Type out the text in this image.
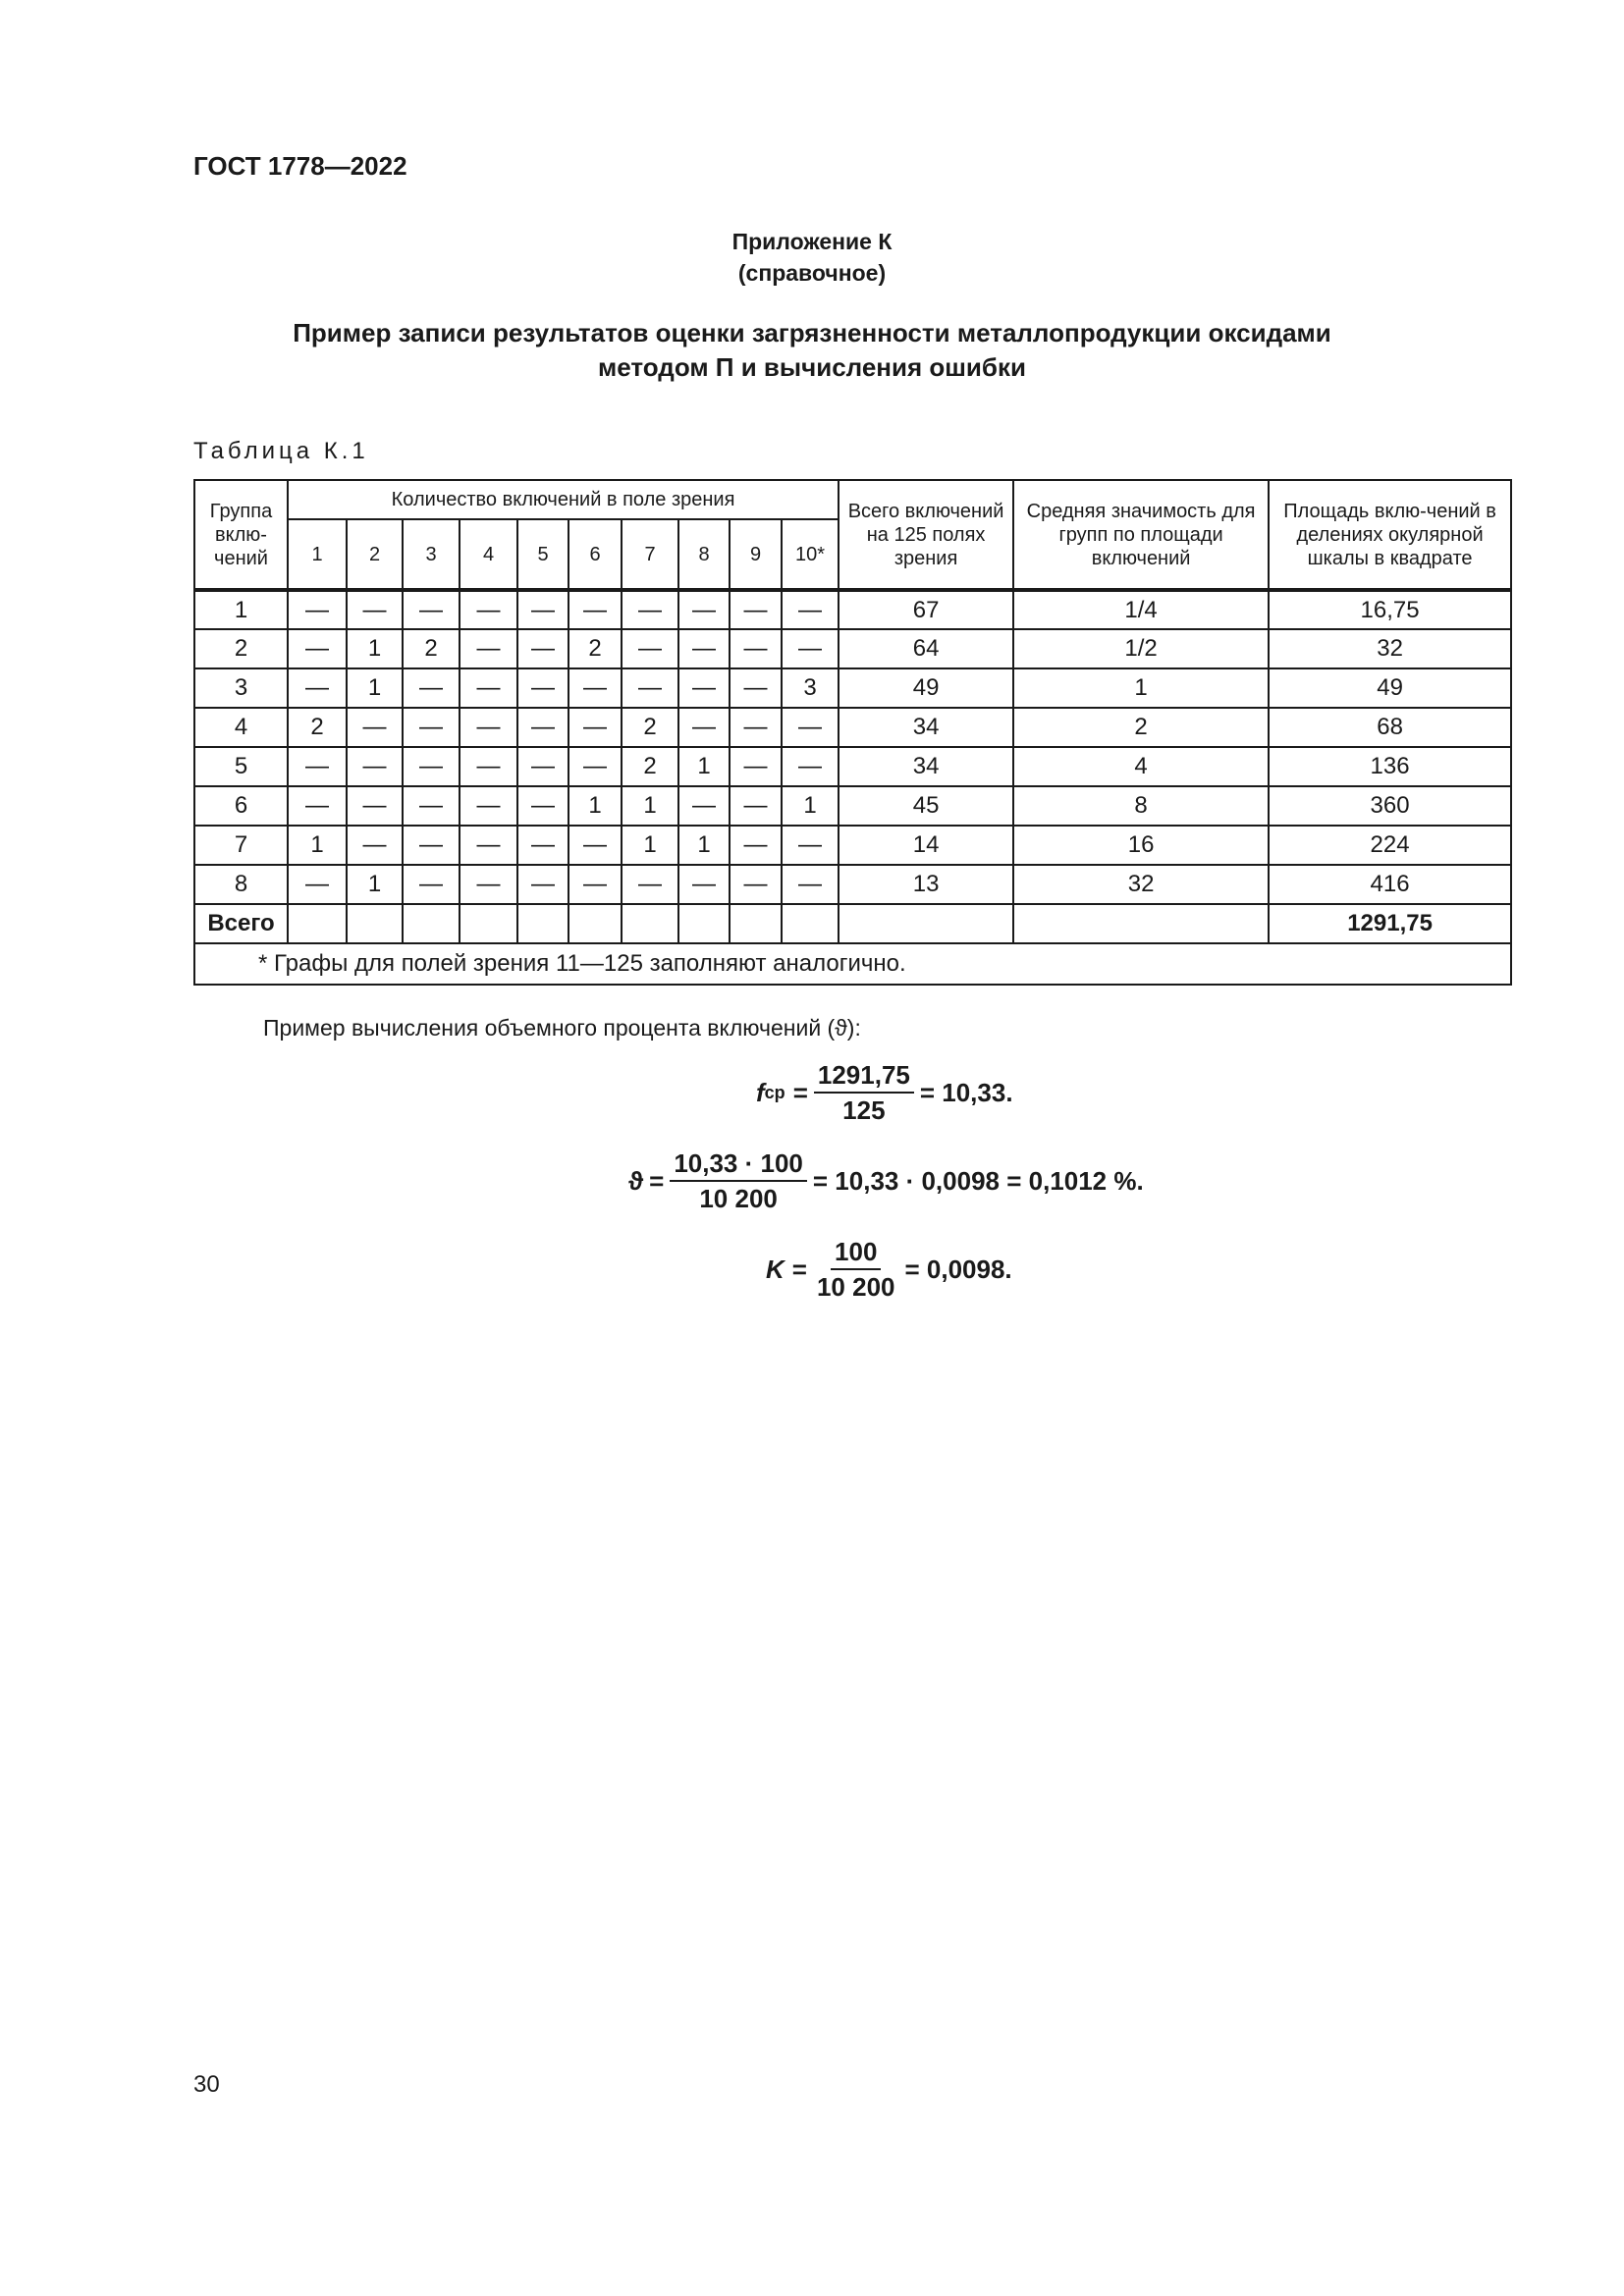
ГОСТ 1778—2022
Приложение К
(справочное)
Пример записи результатов оценки загрязненности металлопродукции оксидами
методом П и вычисления ошибки
Таблица К.1
Группа вклю-чений	Количество включений в поле зрения										Всего включений на 125 полях зрения	Средняя значимость для групп по площади включений	Площадь вклю-чений в делениях окулярной шкалы в квадрате
	1	2	3	4	5	6	7	8	9	10*			
1	—	—	—	—	—	—	—	—	—	—	67	1/4	16,75
2	—	1	2	—	—	2	—	—	—	—	64	1/2	32
3	—	1	—	—	—	—	—	—	—	3	49	1	49
4	2	—	—	—	—	—	2	—	—	—	34	2	68
5	—	—	—	—	—	—	2	1	—	—	34	4	136
6	—	—	—	—	—	1	1	—	—	1	45	8	360
7	1	—	—	—	—	—	1	1	—	—	14	16	224
8	—	1	—	—	—	—	—	—	—	—	13	32	416
Всего													1291,75
* Графы для полей зрения 11—125 заполняют аналогично.													
Пример вычисления объемного процента включений (ϑ):
f ср = $\frac{1291,75}{125} = 10,33$.
$ϑ = \frac{10,33 \cdot 100}{10 200} = 10,33 \cdot 0,0098 = 0,1012$ %.
$K = \frac{100}{10 200} = 0,0098$.
30
